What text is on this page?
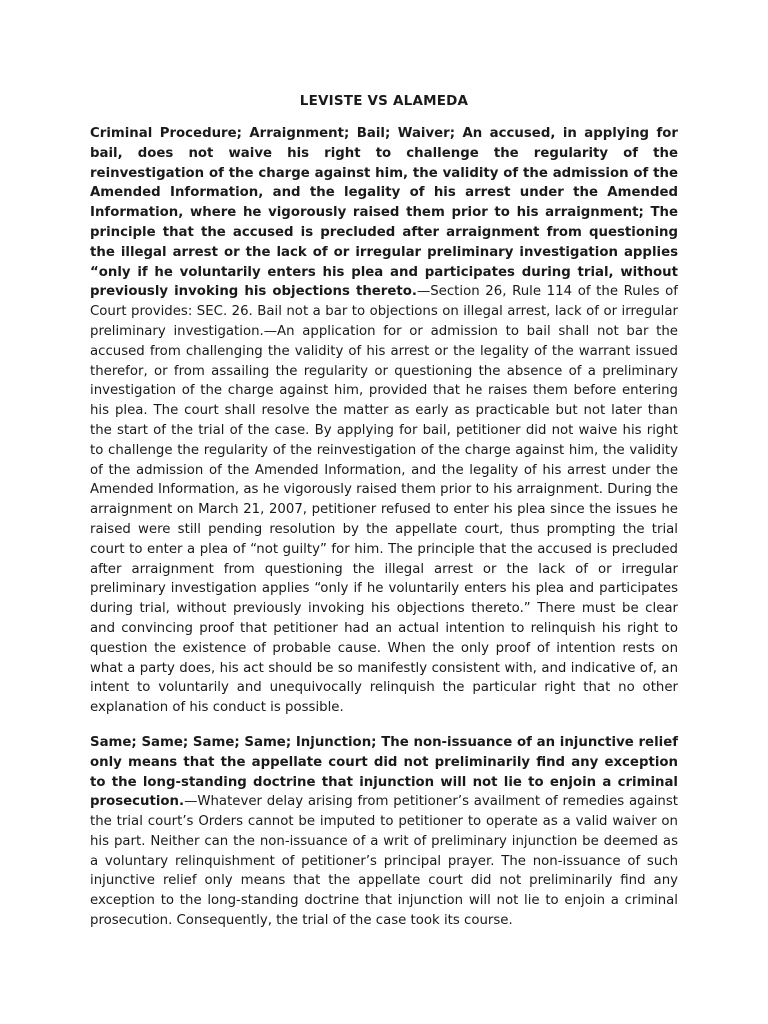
LEVISTE VS ALAMEDA

Criminal Procedure; Arraignment; Bail; Waiver; An accused, in applying for bail, does not waive his right to challenge the regularity of the reinvestigation of the charge against him, the validity of the admission of the Amended Information, and the legality of his arrest under the Amended Information, where he vigorously raised them prior to his arraignment; The principle that the accused is precluded after arraignment from questioning the illegal arrest or the lack of or irregular preliminary investigation applies “only if he voluntarily enters his plea and participates during trial, without previously invoking his objections thereto.—Section 26, Rule 114 of the Rules of Court provides: SEC. 26. Bail not a bar to objections on illegal arrest, lack of or irregular preliminary investigation.—An application for or admission to bail shall not bar the accused from challenging the validity of his arrest or the legality of the warrant issued therefor, or from assailing the regularity or questioning the absence of a preliminary investigation of the charge against him, provided that he raises them before entering his plea. The court shall resolve the matter as early as practicable but not later than the start of the trial of the case. By applying for bail, petitioner did not waive his right to challenge the regularity of the reinvestigation of the charge against him, the validity of the admission of the Amended Information, and the legality of his arrest under the Amended Information, as he vigorously raised them prior to his arraignment. During the arraignment on March 21, 2007, petitioner refused to enter his plea since the issues he raised were still pending resolution by the appellate court, thus prompting the trial court to enter a plea of “not guilty” for him. The principle that the accused is precluded after arraignment from questioning the illegal arrest or the lack of or irregular preliminary investigation applies “only if he voluntarily enters his plea and participates during trial, without previously invoking his objections thereto.” There must be clear and convincing proof that petitioner had an actual intention to relinquish his right to question the existence of probable cause. When the only proof of intention rests on what a party does, his act should be so manifestly consistent with, and indicative of, an intent to voluntarily and unequivocally relinquish the particular right that no other explanation of his conduct is possible.

Same; Same; Same; Same; Injunction; The non-issuance of an injunctive relief only means that the appellate court did not preliminarily find any exception to the long-standing doctrine that injunction will not lie to enjoin a criminal prosecution.—Whatever delay arising from petitioner’s availment of remedies against the trial court’s Orders cannot be imputed to petitioner to operate as a valid waiver on his part. Neither can the non-issuance of a writ of preliminary injunction be deemed as a voluntary relinquishment of petitioner’s principal prayer. The non-issuance of such injunctive relief only means that the appellate court did not preliminarily find any exception to the long-standing doctrine that injunction will not lie to enjoin a criminal prosecution. Consequently, the trial of the case took its course.
